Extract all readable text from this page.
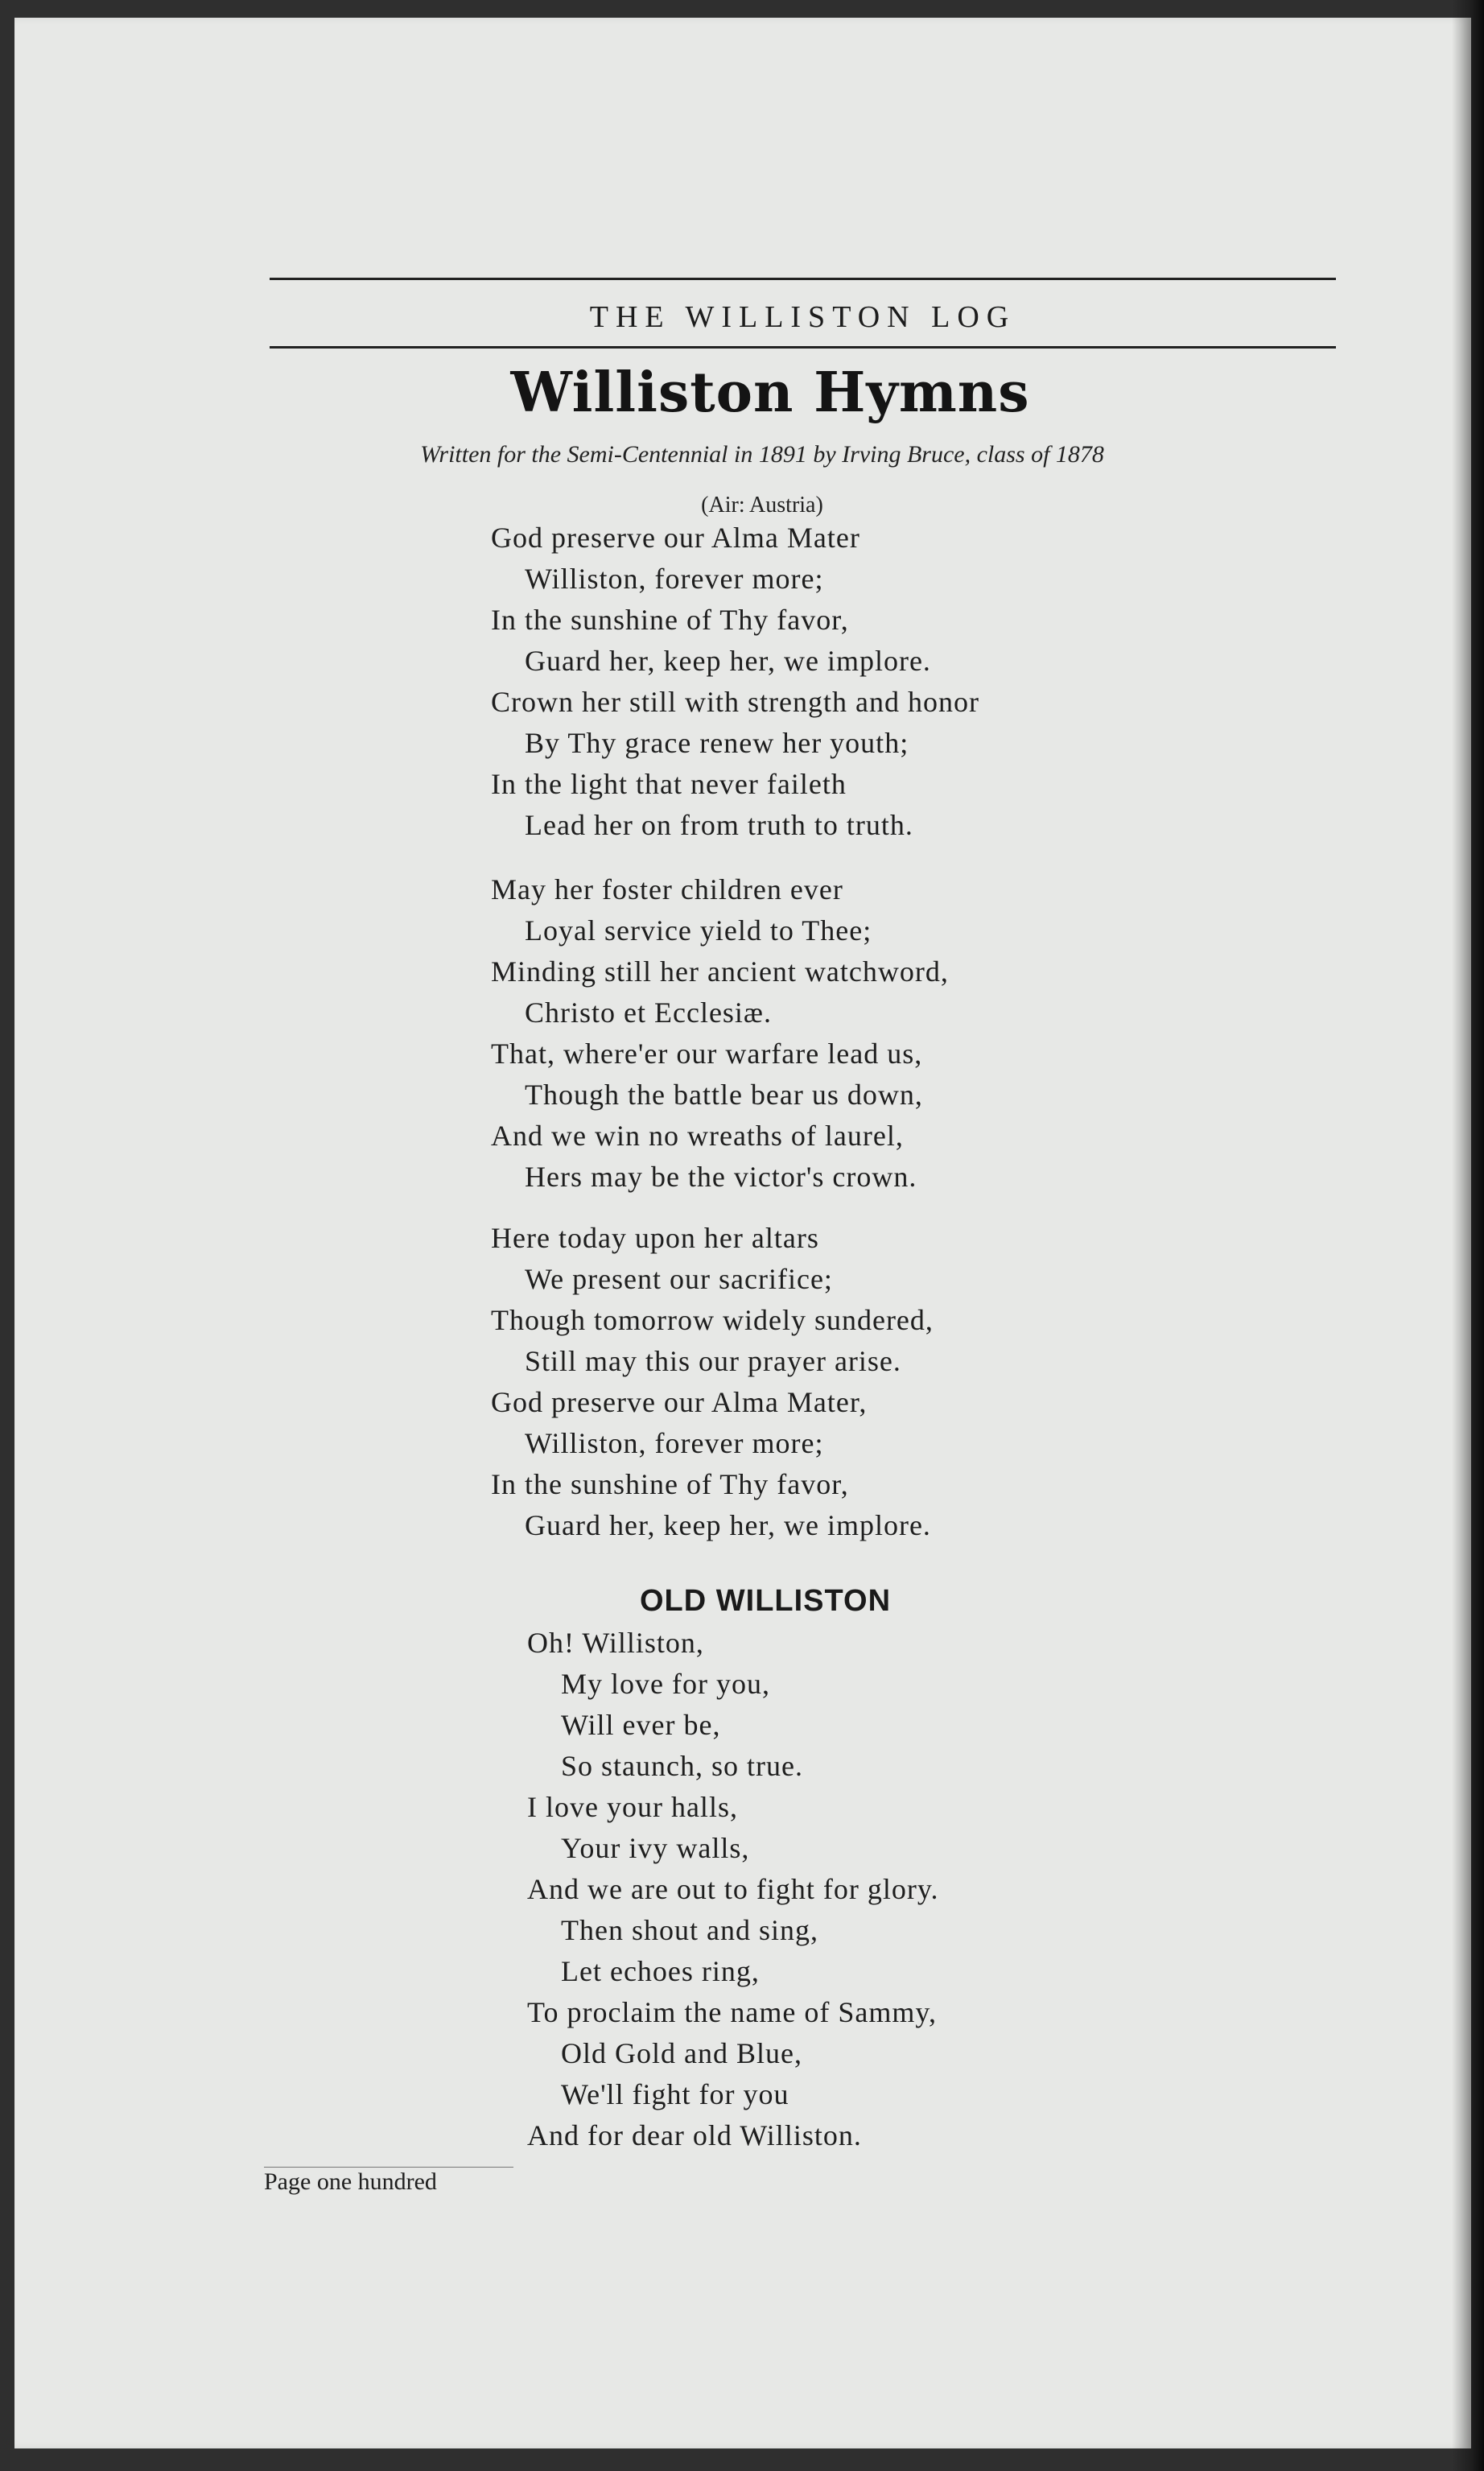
THE WILLISTON LOG
Williston Hymns
Written for the Semi-Centennial in 1891 by Irving Bruce, class of 1878
(Air: Austria)
God preserve our Alma Mater
Williston, forever more;
In the sunshine of Thy favor,
Guard her, keep her, we implore.
Crown her still with strength and honor
By Thy grace renew her youth;
In the light that never faileth
Lead her on from truth to truth.
May her foster children ever
Loyal service yield to Thee;
Minding still her ancient watchword,
Christo et Ecclesiæ.
That, where'er our warfare lead us,
Though the battle bear us down,
And we win no wreaths of laurel,
Hers may be the victor's crown.
Here today upon her altars
We present our sacrifice;
Though tomorrow widely sundered,
Still may this our prayer arise.
God preserve our Alma Mater,
Williston, forever more;
In the sunshine of Thy favor,
Guard her, keep her, we implore.
OLD WILLISTON
Oh! Williston,
My love for you,
Will ever be,
So staunch, so true.
I love your halls,
Your ivy walls,
And we are out to fight for glory.
Then shout and sing,
Let echoes ring,
To proclaim the name of Sammy,
Old Gold and Blue,
We'll fight for you
And for dear old Williston.
Page one hundred
